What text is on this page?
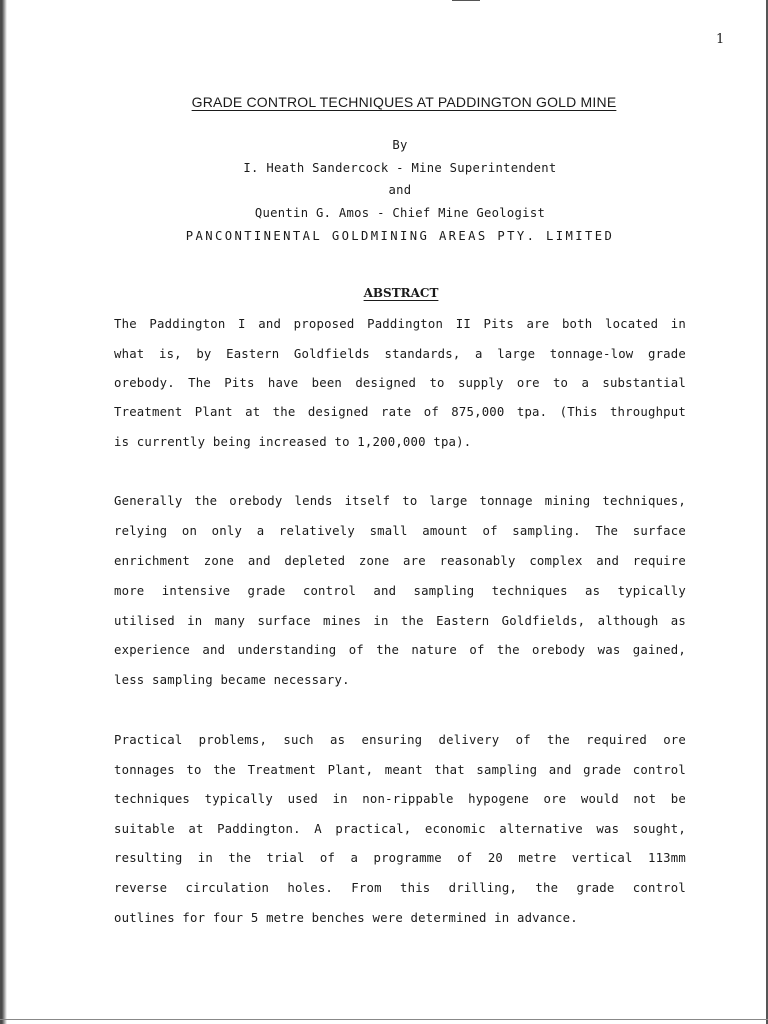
1
GRADE CONTROL TECHNIQUES AT PADDINGTON GOLD MINE
By
I. Heath Sandercock - Mine Superintendent
and
Quentin G. Amos - Chief Mine Geologist
PANCONTINENTAL GOLDMINING AREAS PTY. LIMITED
ABSTRACT
The Paddington I and proposed Paddington II Pits are both located in
what is, by Eastern Goldfields standards, a large tonnage-low grade
orebody. The Pits have been designed to supply ore to a substantial
Treatment Plant at the designed rate of 875,000 tpa. (This throughput
is currently being increased to 1,200,000 tpa).
Generally the orebody lends itself to large tonnage mining techniques,
relying on only a relatively small amount of sampling. The surface
enrichment zone and depleted zone are reasonably complex and require
more intensive grade control and sampling techniques as typically
utilised in many surface mines in the Eastern Goldfields, although as
experience and understanding of the nature of the orebody was gained,
less sampling became necessary.
Practical problems, such as ensuring delivery of the required ore
tonnages to the Treatment Plant, meant that sampling and grade control
techniques typically used in non-rippable hypogene ore would not be
suitable at Paddington. A practical, economic alternative was sought,
resulting in the trial of a programme of 20 metre vertical 113mm
reverse circulation holes. From this drilling, the grade control
outlines for four 5 metre benches were determined in advance.
